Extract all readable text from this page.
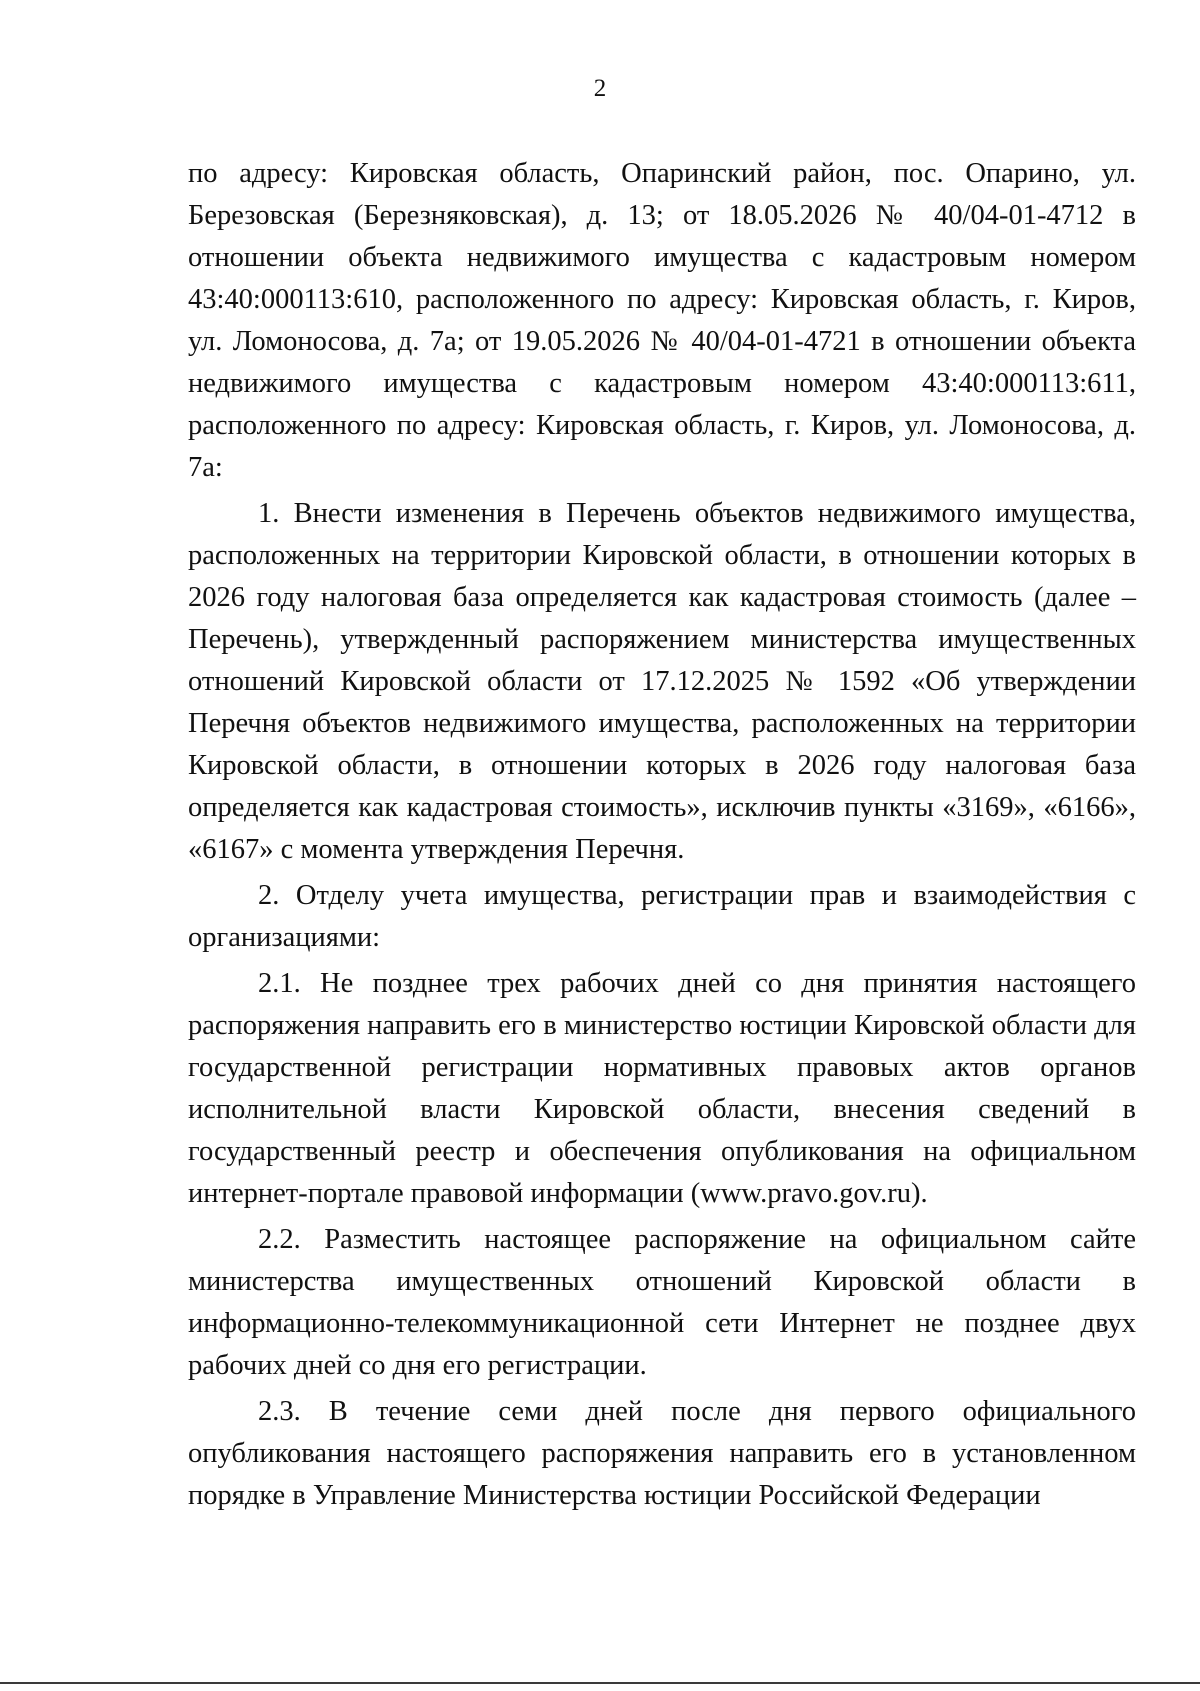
2

по адресу: Кировская область, Опаринский район, пос. Опарино, ул. Березовская (Березняковская), д. 13; от 18.05.2026 № 40/04-01-4712 в отношении объекта недвижимого имущества с кадастровым номером 43:40:000113:610, расположенного по адресу: Кировская область, г. Киров, ул. Ломоносова, д. 7а; от 19.05.2026 № 40/04-01-4721 в отношении объекта недвижимого имущества с кадастровым номером 43:40:000113:611, расположенного по адресу: Кировская область, г. Киров, ул. Ломоносова, д. 7а:

1. Внести изменения в Перечень объектов недвижимого имущества, расположенных на территории Кировской области, в отношении которых в 2026 году налоговая база определяется как кадастровая стоимость (далее – Перечень), утвержденный распоряжением министерства имущественных отношений Кировской области от 17.12.2025 № 1592 «Об утверждении Перечня объектов недвижимого имущества, расположенных на территории Кировской области, в отношении которых в 2026 году налоговая база определяется как кадастровая стоимость», исключив пункты «3169», «6166», «6167» с момента утверждения Перечня.

2. Отделу учета имущества, регистрации прав и взаимодействия с организациями:

2.1. Не позднее трех рабочих дней со дня принятия настоящего распоряжения направить его в министерство юстиции Кировской области для государственной регистрации нормативных правовых актов органов исполнительной власти Кировской области, внесения сведений в государственный реестр и обеспечения опубликования на официальном интернет-портале правовой информации (www.pravo.gov.ru).

2.2. Разместить настоящее распоряжение на официальном сайте министерства имущественных отношений Кировской области в информационно-телекоммуникационной сети Интернет не позднее двух рабочих дней со дня его регистрации.

2.3. В течение семи дней после дня первого официального опубликования настоящего распоряжения направить его в установленном порядке в Управление Министерства юстиции Российской Федерации
